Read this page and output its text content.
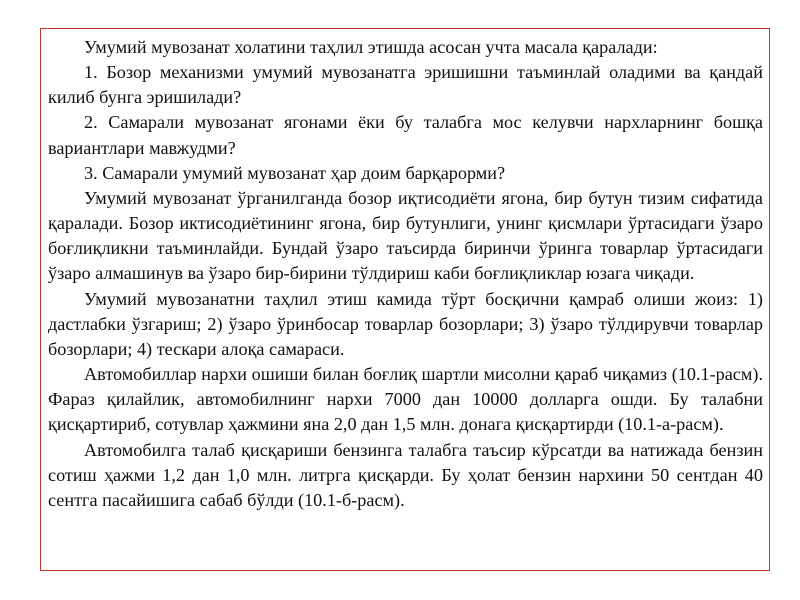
Умумий мувозанат холатини таҳлил этишда асосан учта масала қаралади:

1. Бозор механизми умумий мувозанатга эришишни таъминлай оладими ва қандай килиб бунга эришилади?

2. Самарали мувозанат ягонами ёки бу талабга мос келувчи нархларнинг бошқа вариантлари мавжудми?

3. Самарали умумий мувозанат ҳар доим барқарорми?

Умумий мувозанат ўрганилганда бозор иқтисодиёти ягона, бир бутун тизим сифатида қаралади. Бозор иктисодиётининг ягона, бир бутунлиги, унинг қисмлари ўртасидаги ўзаро боғлиқликни таъминлайди. Бундай ўзаро таъсирда биринчи ўринга товарлар ўртасидаги ўзаро алмашинув ва ўзаро бир-бирини тўлдириш каби боғлиқликлар юзага чиқади.

Умумий мувозанатни таҳлил этиш камида тўрт босқични қамраб олиши жоиз: 1) дастлабки ўзгариш; 2) ўзаро ўринбосар товарлар бозорлари; 3) ўзаро тўлдирувчи товарлар бозорлари; 4) тескари алоқа самараси.

Автомобиллар нархи ошиши билан боғлиқ шартли мисолни қараб чиқамиз (10.1-расм). Фараз қилайлик, автомобилнинг нархи 7000 дан 10000 долларга ошди. Бу талабни қисқартириб, сотувлар ҳажмини яна 2,0 дан 1,5 млн. донага қисқартирди (10.1-а-расм).

Автомобилга талаб қисқариши бензинга талабга таъсир кўрсатди ва натижада бензин сотиш ҳажми 1,2 дан 1,0 млн. литрга қисқарди. Бу ҳолат бензин нархини 50 сентдан 40 сентга пасайишига сабаб бўлди (10.1-б-расм).
